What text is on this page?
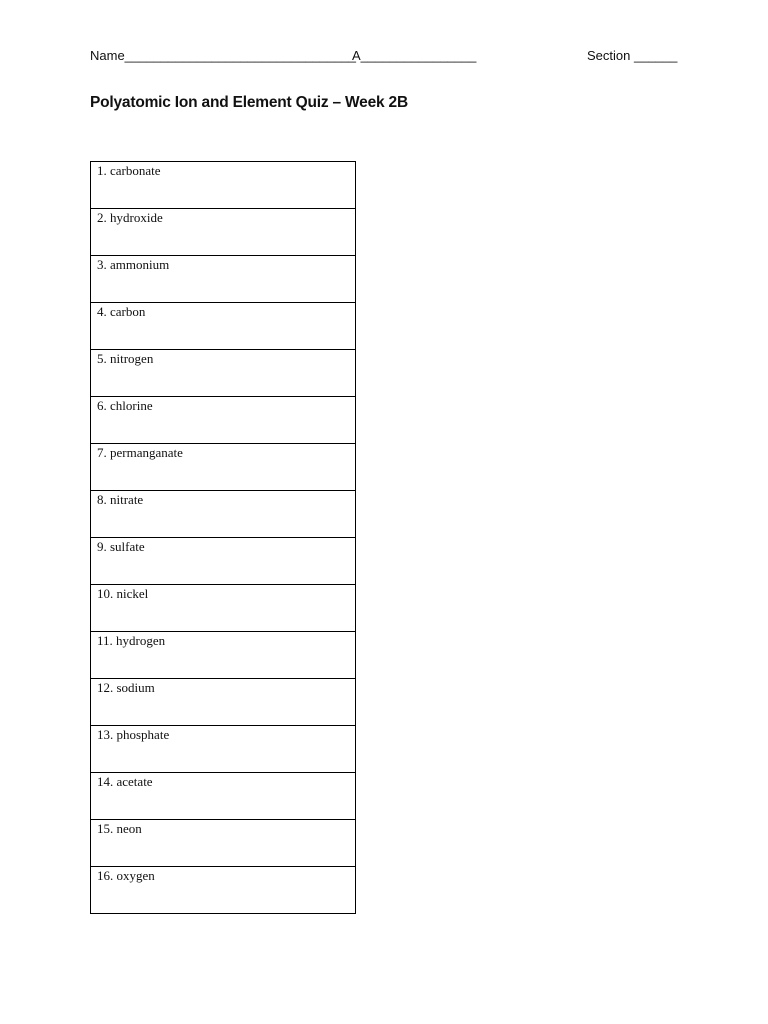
Name________________________________
A________________	Section ______
Polyatomic Ion and Element Quiz – Week 2B
1. carbonate

2. hydroxide

3. ammonium

4. carbon

5. nitrogen

6. chlorine

7. permanganate

8. nitrate

9. sulfate

10. nickel

11. hydrogen

12. sodium

13. phosphate

14. acetate

15. neon

16. oxygen
